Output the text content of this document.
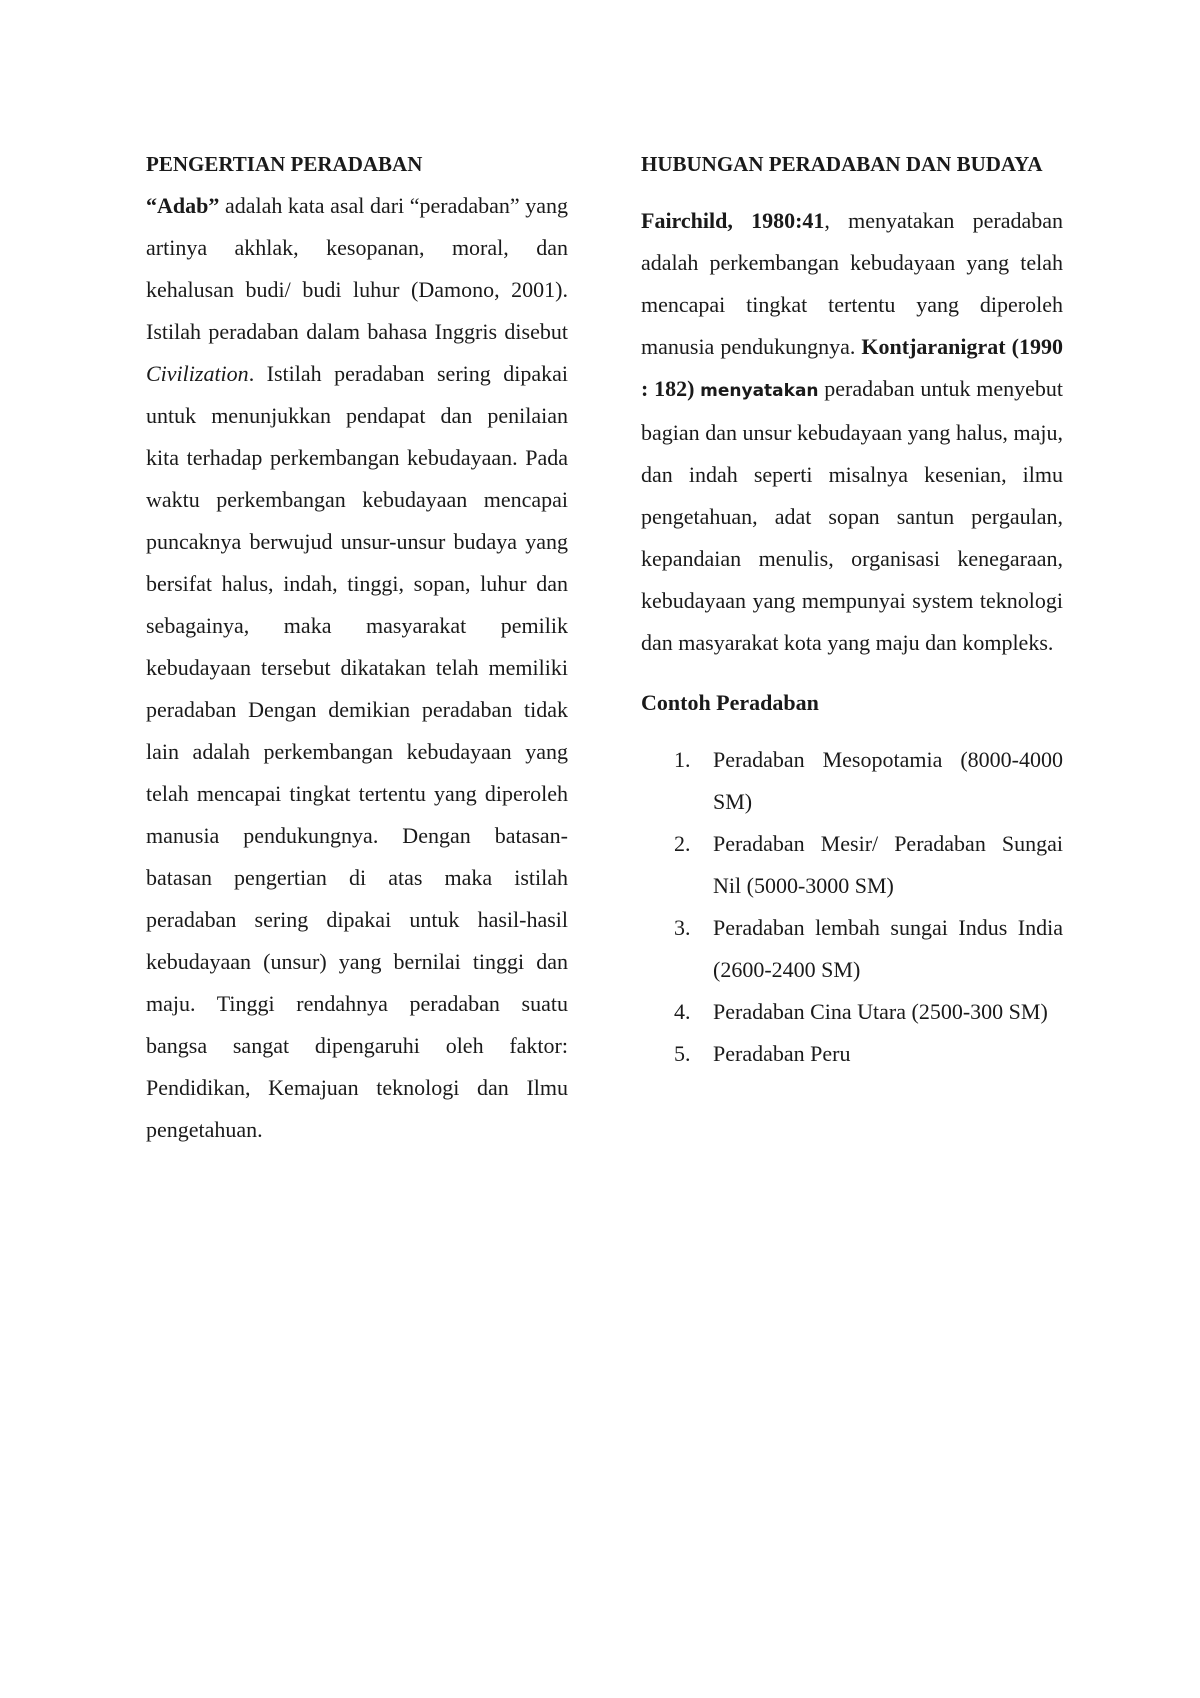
PENGERTIAN PERADABAN

“Adab” adalah kata asal dari “peradaban” yang artinya akhlak, kesopanan, moral, dan kehalusan budi/ budi luhur (Damono, 2001). Istilah peradaban dalam bahasa Inggris disebut Civilization. Istilah peradaban sering dipakai untuk menunjukkan pendapat dan penilaian kita terhadap perkembangan kebudayaan. Pada waktu perkembangan kebudayaan mencapai puncaknya berwujud unsur-unsur budaya yang bersifat halus, indah, tinggi, sopan, luhur dan sebagainya, maka masyarakat pemilik kebudayaan tersebut dikatakan telah memiliki peradaban Dengan demikian peradaban tidak lain adalah perkembangan kebudayaan yang telah mencapai tingkat tertentu yang diperoleh manusia pendukungnya. Dengan batasan-batasan pengertian di atas maka istilah peradaban sering dipakai untuk hasil-hasil kebudayaan (unsur) yang bernilai tinggi dan maju. Tinggi rendahnya peradaban suatu bangsa sangat dipengaruhi oleh faktor: Pendidikan, Kemajuan teknologi dan Ilmu pengetahuan.

HUBUNGAN PERADABAN DAN BUDAYA

Fairchild, 1980:41, menyatakan peradaban adalah perkembangan kebudayaan yang telah mencapai tingkat tertentu yang diperoleh manusia pendukungnya. Kontjaranigrat (1990 : 182) menyatakan peradaban untuk menyebut bagian dan unsur kebudayaan yang halus, maju, dan indah seperti misalnya kesenian, ilmu pengetahuan, adat sopan santun pergaulan, kepandaian menulis, organisasi kenegaraan, kebudayaan yang mempunyai system teknologi dan masyarakat kota yang maju dan kompleks.

Contoh Peradaban
1. Peradaban Mesopotamia (8000-4000 SM)
2. Peradaban Mesir/ Peradaban Sungai Nil (5000-3000 SM)
3. Peradaban lembah sungai Indus India (2600-2400 SM)
4. Peradaban Cina Utara (2500-300 SM)
5. Peradaban Peru
